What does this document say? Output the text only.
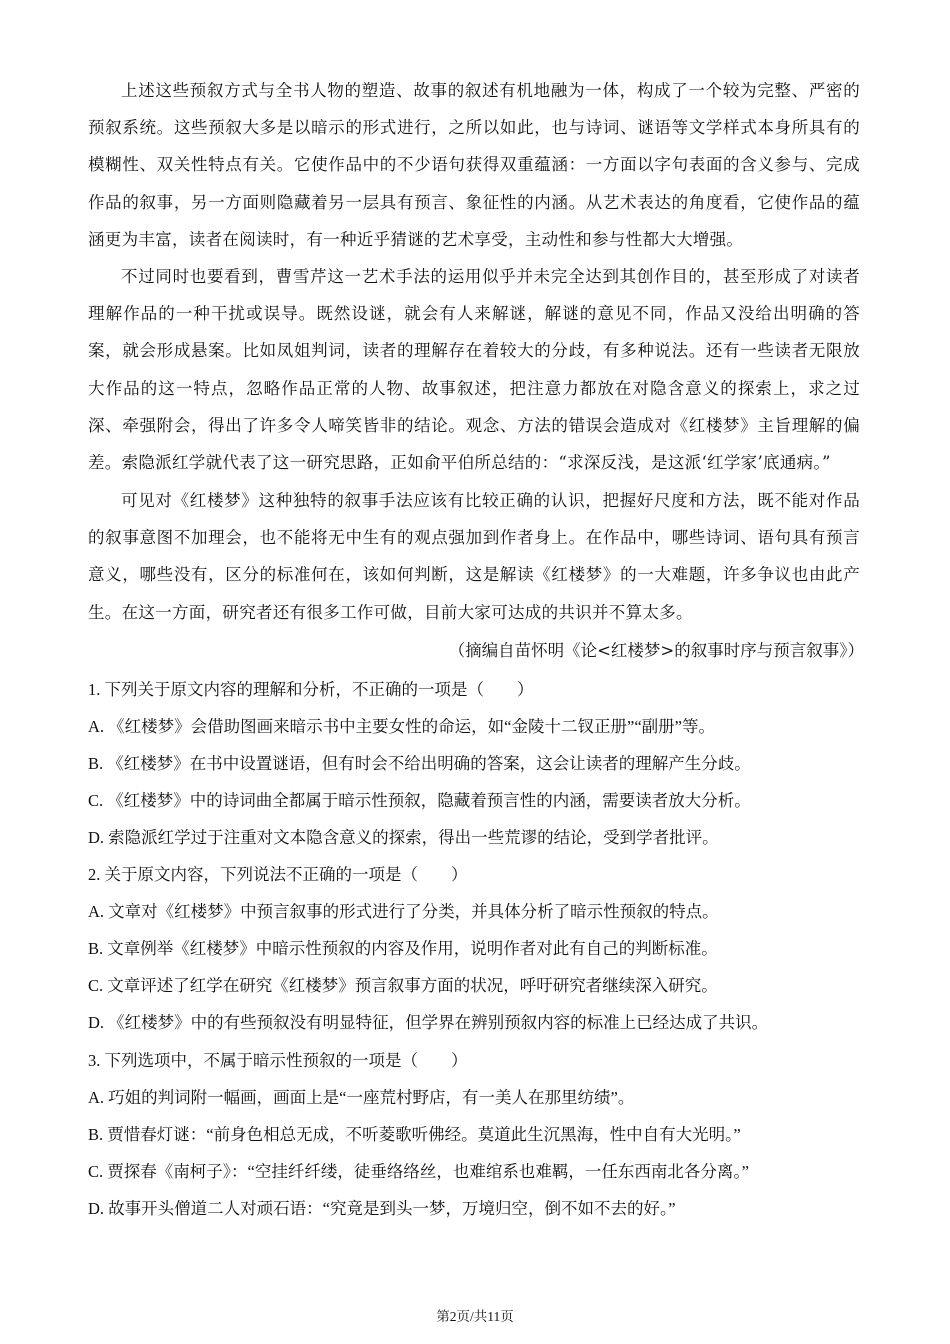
上述这些预叙方式与全书人物的塑造、故事的叙述有机地融为一体，构成了一个较为完整、严密的预叙系统。这些预叙大多是以暗示的形式进行，之所以如此，也与诗词、谜语等文学样式本身所具有的模糊性、双关性特点有关。它使作品中的不少语句获得双重蕴涵：一方面以字句表面的含义参与、完成作品的叙事，另一方面则隐藏着另一层具有预言、象征性的内涵。从艺术表达的角度看，它使作品的蕴涵更为丰富，读者在阅读时，有一种近乎猜谜的艺术享受，主动性和参与性都大大增强。

不过同时也要看到，曹雪芹这一艺术手法的运用似乎并未完全达到其创作目的，甚至形成了对读者理解作品的一种干扰或误导。既然设谜，就会有人来解谜，解谜的意见不同，作品又没给出明确的答案，就会形成悬案。比如凤姐判词，读者的理解存在着较大的分歧，有多种说法。还有一些读者无限放大作品的这一特点，忽略作品正常的人物、故事叙述，把注意力都放在对隐含意义的探索上，求之过深、牵强附会，得出了许多令人啼笑皆非的结论。观念、方法的错误会造成对《红楼梦》主旨理解的偏差。索隐派红学就代表了这一研究思路，正如俞平伯所总结的：“求深反浅，是这派‘红学家’底通病。”

可见对《红楼梦》这种独特的叙事手法应该有比较正确的认识，把握好尺度和方法，既不能对作品的叙事意图不加理会，也不能将无中生有的观点强加到作者身上。在作品中，哪些诗词、语句具有预言意义，哪些没有，区分的标准何在，该如何判断，这是解读《红楼梦》的一大难题，许多争议也由此产生。在这一方面，研究者还有很多工作可做，目前大家可达成的共识并不算太多。

（摘编自苗怀明《论<红楼梦>的叙事时序与预言叙事》）

1. 下列关于原文内容的理解和分析，不正确的一项是（　　）

A. 《红楼梦》会借助图画来暗示书中主要女性的命运，如“金陵十二钗正册”“副册”等。

B. 《红楼梦》在书中设置谜语，但有时会不给出明确的答案，这会让读者的理解产生分歧。

C. 《红楼梦》中的诗词曲全都属于暗示性预叙，隐藏着预言性的内涵，需要读者放大分析。

D. 索隐派红学过于注重对文本隐含意义的探索，得出一些荒谬的结论，受到学者批评。

2. 关于原文内容，下列说法不正确的一项是（　　）

A. 文章对《红楼梦》中预言叙事的形式进行了分类，并具体分析了暗示性预叙的特点。

B. 文章例举《红楼梦》中暗示性预叙的内容及作用，说明作者对此有自己的判断标准。

C. 文章评述了红学在研究《红楼梦》预言叙事方面的状况，呼吁研究者继续深入研究。

D. 《红楼梦》中的有些预叙没有明显特征，但学界在辨别预叙内容的标准上已经达成了共识。

3. 下列选项中，不属于暗示性预叙的一项是（　　）

A. 巧姐的判词附一幅画，画面上是“一座荒村野店，有一美人在那里纺绩”。

B. 贾惜春灯谜：“前身色相总无成，不听菱歌听佛经。莫道此生沉黑海，性中自有大光明。”

C. 贾探春《南柯子》：“空挂纤纤缕，徒垂络络丝，也难绾系也难羁，一任东西南北各分离。”

D. 故事开头僧道二人对顽石语：“究竟是到头一梦，万境归空，倒不如不去的好。”

第2页/共11页
